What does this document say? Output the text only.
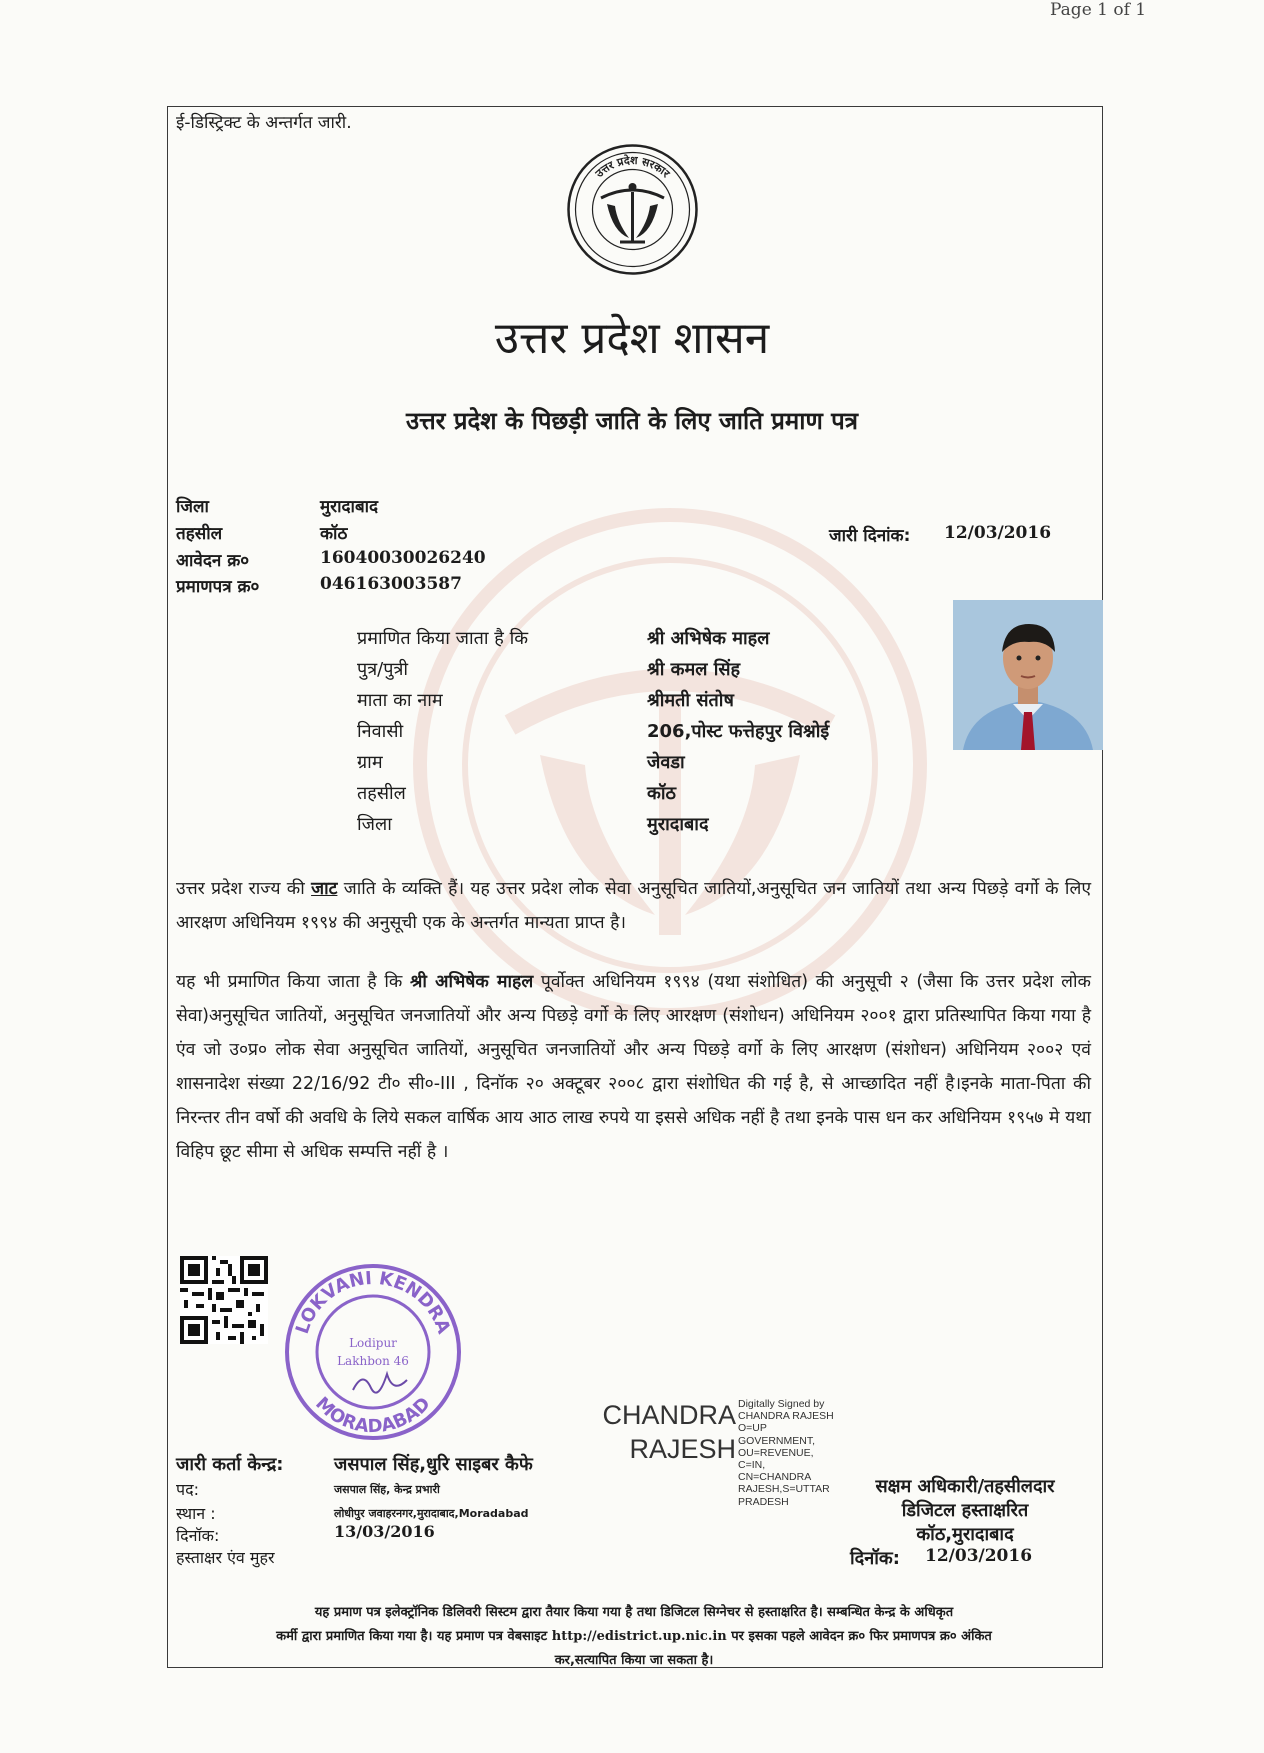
Page 1 of 1
ई-डिस्ट्रिक्ट के अन्तर्गत जारी.
उत्तर प्रदेश सरकार
उत्तर प्रदेश शासन
उत्तर प्रदेश के पिछड़ी जाति के लिए जाति प्रमाण पत्र
जिला	मुरादाबाद
तहसील	कॉठ
आवेदन क्र०	16040030026240
प्रमाणपत्र क्र०	046163003587
जारी दिनांक: 12/03/2016
प्रमाणित किया जाता है कि	श्री अभिषेक माहल
पुत्र/पुत्री	श्री कमल सिंह
माता का नाम	श्रीमती संतोष
निवासी	206,पोस्ट फत्तेहपुर विश्नोई
ग्राम	जेवडा
तहसील	कॉठ
जिला	मुरादाबाद
उत्तर प्रदेश राज्य की जाट जाति के व्यक्ति हैं। यह उत्तर प्रदेश लोक सेवा अनुसूचित जातियों,अनुसूचित जन जातियों तथा अन्य पिछड़े वर्गो के लिए आरक्षण अधिनियम १९९४ की अनुसूची एक के अन्तर्गत मान्यता प्राप्त है।
यह भी प्रमाणित किया जाता है कि श्री अभिषेक माहल पूर्वोक्त अधिनियम १९९४ (यथा संशोधित) की अनुसूची २ (जैसा कि उत्तर प्रदेश लोक सेवा)अनुसूचित जातियों, अनुसूचित जनजातियों और अन्य पिछड़े वर्गो के लिए आरक्षण (संशोधन) अधिनियम २००१ द्वारा प्रतिस्थापित किया गया है एंव जो उ०प्र० लोक सेवा अनुसूचित जातियों, अनुसूचित जनजातियों और अन्य पिछड़े वर्गो के लिए आरक्षण (संशोधन) अधिनियम २००२ एवं शासनादेश संख्या 22/16/92 टी० सी०-III , दिनॉक २० अक्टूबर २००८ द्वारा संशोधित की गई है, से आच्छादित नहीं है।इनके माता-पिता की निरन्तर तीन वर्षो की अवधि के लिये सकल वार्षिक आय आठ लाख रुपये या इससे अधिक नहीं है तथा इनके पास धन कर अधिनियम १९५७ मे यथा विहिप छूट सीमा से अधिक सम्पत्ति नहीं है ।
LOKVANI KENDRA
MORADABAD
Lodipur
Lakhbon 46
जारी कर्ता केन्द्र:	जसपाल सिंह,धुरि साइबर कैफे
पद:	जसपाल सिंह, केन्द्र प्रभारी
स्थान :	लोधीपुर जवाहरनगर,मुरादाबाद,Moradabad
दिनॉक:	13/03/2016
हस्ताक्षर एंव मुहर
CHANDRA
RAJESH
Digitally Signed by
CHANDRA RAJESH
O=UP
GOVERNMENT,
OU=REVENUE,
C=IN,
CN=CHANDRA
RAJESH,S=UTTAR
PRADESH
सक्षम अधिकारी/तहसीलदार
डिजिटल हस्ताक्षरित
कॉठ,मुरादाबाद
दिनॉक: 12/03/2016
यह प्रमाण पत्र इलेक्ट्रॉनिक डिलिवरी सिस्टम द्वारा तैयार किया गया है तथा डिजिटल सिग्नेचर से हस्ताक्षरित है। सम्बन्धित केन्द्र के अधिकृत
कर्मी द्वारा प्रमाणित किया गया है। यह प्रमाण पत्र वेबसाइट http://edistrict.up.nic.in पर इसका पहले आवेदन क्र० फिर प्रमाणपत्र क्र० अंकित
कर,सत्यापित किया जा सकता है।
